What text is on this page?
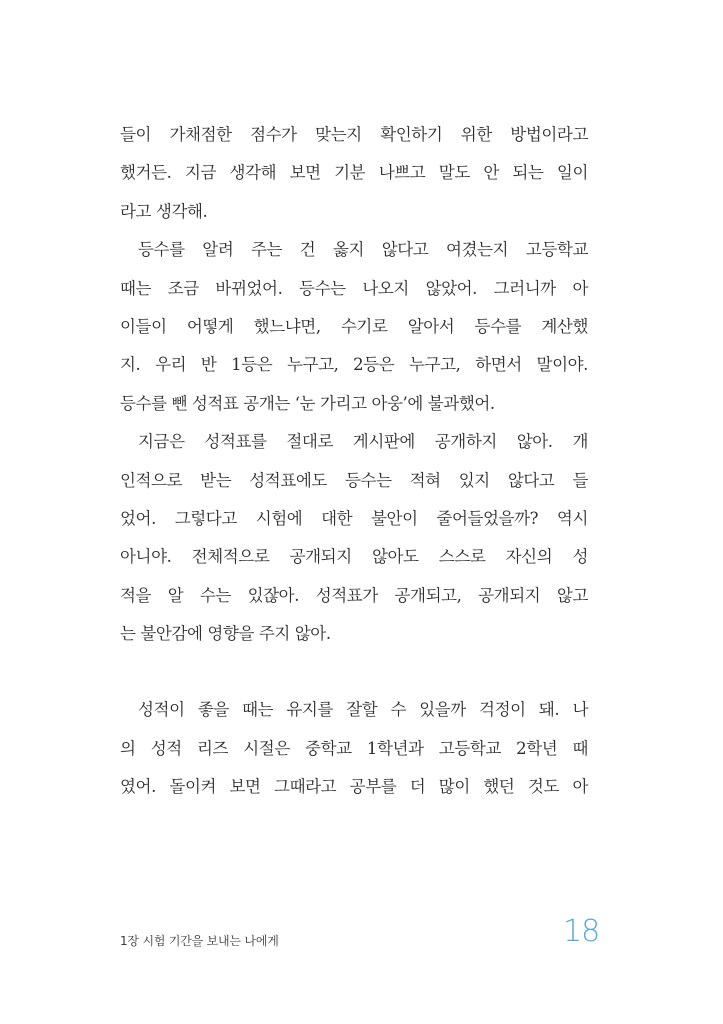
들이 가채점한 점수가 맞는지 확인하기 위한 방법이라고
했거든. 지금 생각해 보면 기분 나쁘고 말도 안 되는 일이
라고 생각해.
등수를 알려 주는 건 옳지 않다고 여겼는지 고등학교
때는 조금 바뀌었어. 등수는 나오지 않았어. 그러니까 아
이들이 어떻게 했느냐면, 수기로 알아서 등수를 계산했
지. 우리 반 1등은 누구고, 2등은 누구고, 하면서 말이야.
등수를 뺀 성적표 공개는 ‘눈 가리고 아웅’에 불과했어.
지금은 성적표를 절대로 게시판에 공개하지 않아. 개
인적으로 받는 성적표에도 등수는 적혀 있지 않다고 들
었어. 그렇다고 시험에 대한 불안이 줄어들었을까? 역시
아니야. 전체적으로 공개되지 않아도 스스로 자신의 성
적을 알 수는 있잖아. 성적표가 공개되고, 공개되지 않고
는 불안감에 영향을 주지 않아.
성적이 좋을 때는 유지를 잘할 수 있을까 걱정이 돼. 나
의 성적 리즈 시절은 중학교 1학년과 고등학교 2학년 때
였어. 돌이켜 보면 그때라고 공부를 더 많이 했던 것도 아
1장 시험 기간을 보내는 나에게	18
